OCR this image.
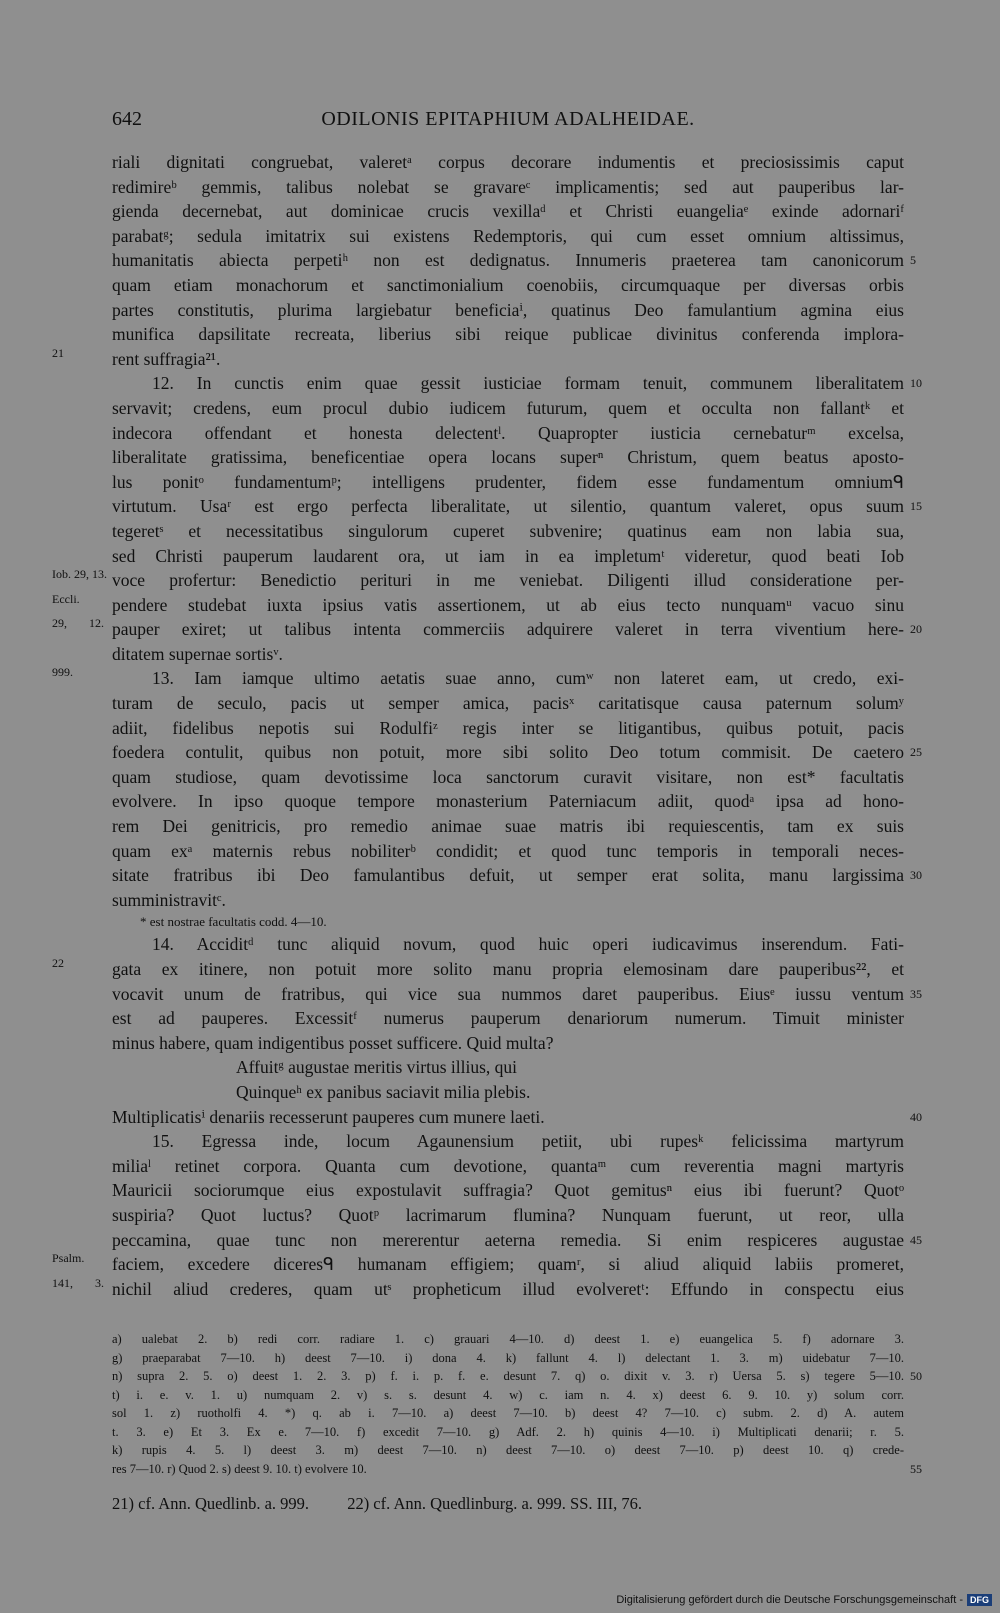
642	ODILONIS EPITAPHIUM ADALHEIDAE.
riali dignitati congruebat, valeretᵃ corpus decorare indumentis et preciosissimis caput
redimireᵇ gemmis, talibus nolebat se gravareᶜ implicamentis; sed aut pauperibus lar-
gienda decernebat, aut dominicae crucis vexillaᵈ et Christi euangeliaᵉ exinde adornariᶠ
parabatᵍ; sedula imitatrix sui existens Redemptoris, qui cum esset omnium altissimus,
humanitatis abiecta perpetiʰ non est dedignatus. Innumeris praeterea tam canonicorum 5
quam etiam monachorum et sanctimonialium coenobiis, circumquaque per diversas orbis
partes constitutis, plurima largiebatur beneficiaⁱ, quatinus Deo famulantium agmina eius
munifica dapsilitate recreata, liberius sibi reique publicae divinitus conferenda implora-
rent suffragia²¹.
21
12. In cunctis enim quae gessit iusticiae formam tenuit, communem liberalitatem 10
servavit; credens, eum procul dubio iudicem futurum, quem et occulta non fallantᵏ et
indecora offendant et honesta delectentˡ. Quapropter iusticia cernebaturᵐ excelsa,
liberalitate gratissima, beneficentiae opera locans superⁿ Christum, quem beatus aposto-
lus ponitᵒ fundamentumᵖ; intelligens prudenter, fidem esse fundamentum omniumᑫ
virtutum. Usaʳ est ergo perfecta liberalitate, ut silentio, quantum valeret, opus suum 15
tegeretˢ et necessitatibus singulorum cuperet subvenire; quatinus eam non labia sua,
sed Christi pauperum laudarent ora, ut iam in ea impletumᵗ videretur, quod beati Iob
voce profertur: Benedictio perituri in me veniebat. Diligenti illud consideratione per-
Iob. 29, 13.
pendere studebat iuxta ipsius vatis assertionem, ut ab eius tecto nunquamᵘ vacuo sinu
Eccli.
pauper exiret; ut talibus intenta commerciis adquirere valeret in terra viventium here-
29, 12.	20
ditatem supernae sortisᵛ.
13. Iam iamque ultimo aetatis suae anno, cumʷ non lateret eam, ut credo, exi-
999.
turam de seculo, pacis ut semper amica, pacisˣ caritatisque causa paternum solumʸ
adiit, fidelibus nepotis sui Rodulfiᶻ regis inter se litigantibus, quibus potuit, pacis
foedera contulit, quibus non potuit, more sibi solito Deo totum commisit. De caetero 25
quam studiose, quam devotissime loca sanctorum curavit visitare, non est* facultatis
evolvere. In ipso quoque tempore monasterium Paterniacum adiit, quodᵃ ipsa ad hono-
rem Dei genitricis, pro remedio animae suae matris ibi requiescentis, tam ex suis
quam exᵃ maternis rebus nobiliterᵇ condidit; et quod tunc temporis in temporali neces-
sitate fratribus ibi Deo famulantibus defuit, ut semper erat solita, manu largissima 30
sumministravitᶜ.
* est nostrae facultatis codd. 4—10.
14. Acciditᵈ tunc aliquid novum, quod huic operi iudicavimus inserendum. Fati-
gata ex itinere, non potuit more solito manu propria elemosinam dare pauperibus²², et
22
vocavit unum de fratribus, qui vice sua nummos daret pauperibus. Eiusᵉ iussu ventum 35
est ad pauperes. Excessitᶠ numerus pauperum denariorum numerum. Timuit minister
minus habere, quam indigentibus posset sufficere. Quid multa?
Affuitᵍ augustae meritis virtus illius, qui
Quinqueʰ ex panibus saciavit milia plebis.
Multiplicatisⁱ denariis recesserunt pauperes cum munere laeti.	40
15. Egressa inde, locum Agaunensium petiit, ubi rupesᵏ felicissima martyrum
miliaˡ retinet corpora. Quanta cum devotione, quantaᵐ cum reverentia magni martyris
Mauricii sociorumque eius expostulavit suffragia? Quot gemitusⁿ eius ibi fuerunt? Quotᵒ
suspiria? Quot luctus? Quotᵖ lacrimarum flumina? Nunquam fuerunt, ut reor, ulla
peccamina, quae tunc non mererentur aeterna remedia. Si enim respiceres augustae 45
faciem, excedere diceresᑫ humanam effigiem; quamʳ, si aliud aliquid labiis promeret,
Psalm.
nichil aliud crederes, quam utˢ propheticum illud evolveretᵗ: Effundo in conspectu eius
141, 3.
a) ualebat 2. b) redi corr. radiare 1. c) grauari 4—10. d) deest 1. e) euangelica 5. f) adornare 3.
g) praeparabat 7—10. h) deest 7—10. i) dona 4. k) fallunt 4. l) delectant 1. 3. m) uidebatur 7—10.
n) supra 2. 5. o) deest 1. 2. 3. p) f. i. p. f. e. desunt 7. q) o. dixit v. 3. r) Uersa 5. s) tegere 5—10. 50
t) i. e. v. 1. u) numquam 2. v) s. s. desunt 4. w) c. iam n. 4. x) deest 6. 9. 10. y) solum corr.
sol 1. z) ruotholfi 4. *) q. ab i. 7—10. a) deest 7—10. b) deest 4? 7—10. c) subm. 2. d) A. autem
t. 3. e) Et 3. Ex e. 7—10. f) excedit 7—10. g) Adf. 2. h) quinis 4—10. i) Multiplicati denarii; r. 5.
k) rupis 4. 5. l) deest 3. m) deest 7—10. n) deest 7—10. o) deest 7—10. p) deest 10. q) crede-
res 7—10. r) Quod 2. s) deest 9. 10. t) evolvere 10.	55
21) cf. Ann. Quedlinb. a. 999. 22) cf. Ann. Quedlinburg. a. 999. SS. III, 76.
Digitalisierung gefördert durch die Deutsche Forschungsgemeinschaft - DFG
